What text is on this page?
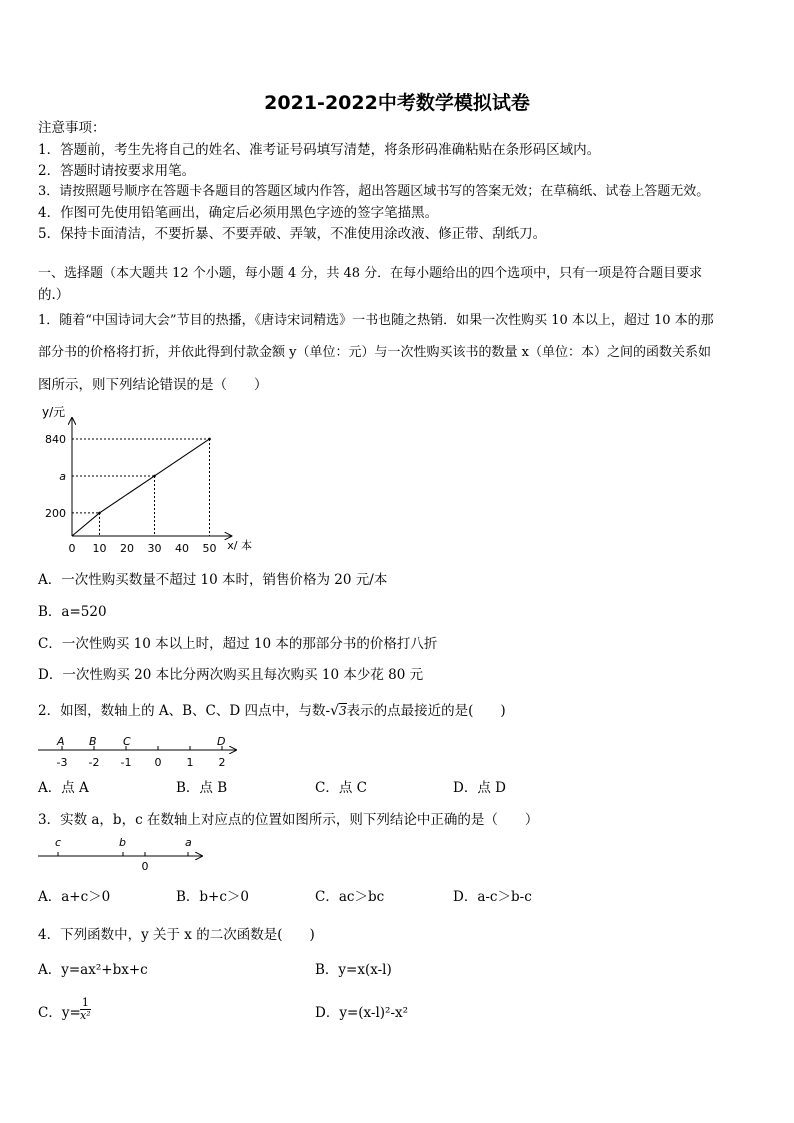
2021-2022中考数学模拟试卷
注意事项：
1．答题前，考生先将自己的姓名、准考证号码填写清楚，将条形码准确粘贴在条形码区域内。
2．答题时请按要求用笔。
3．请按照题号顺序在答题卡各题目的答题区域内作答，超出答题区域书写的答案无效；在草稿纸、试卷上答题无效。
4．作图可先使用铅笔画出，确定后必须用黑色字迹的签字笔描黑。
5．保持卡面清洁，不要折暴、不要弄破、弄皱，不准使用涂改液、修正带、刮纸刀。
一、选择题（本大题共 12 个小题，每小题 4 分，共 48 分．在每小题给出的四个选项中，只有一项是符合题目要求
的.）
1．随着“中国诗词大会”节目的热播，《唐诗宋词精选》一书也随之热销．如果一次性购买 10 本以上，超过 10 本的那
部分书的价格将打折，并依此得到付款金额 y（单位：元）与一次性购买该书的数量 x（单位：本）之间的函数关系如
图所示，则下列结论错误的是（　　）
y/元
x/ 本
0 10 20 30 40 50
200
a
840
A．一次性购买数量不超过 10 本时，销售价格为 20 元/本
B．a=520
C．一次性购买 10 本以上时，超过 10 本的那部分书的价格打八折
D．一次性购买 20 本比分两次购买且每次购买 10 本少花 80 元
2．如图，数轴上的 A、B、C、D 四点中，与数-√3表示的点最接近的是(　　)
A B C	D
-3 -2 -1 0 1 2
A．点 A	B．点 B	C．点 C	D．点 D
3．实数 a，b，c 在数轴上对应点的位置如图所示，则下列结论中正确的是（　　）
c	b	a
0
A．a+c＞0	B．b+c＞0	C．ac＞bc	D．a-c＞b-c
4．下列函数中，y 关于 x 的二次函数是(　　)
A．y=ax²+bx+c	B．y=x(x-l)
C．$y= \frac{1}{\text{x²}}$	D．y=(x-l)²-x²
